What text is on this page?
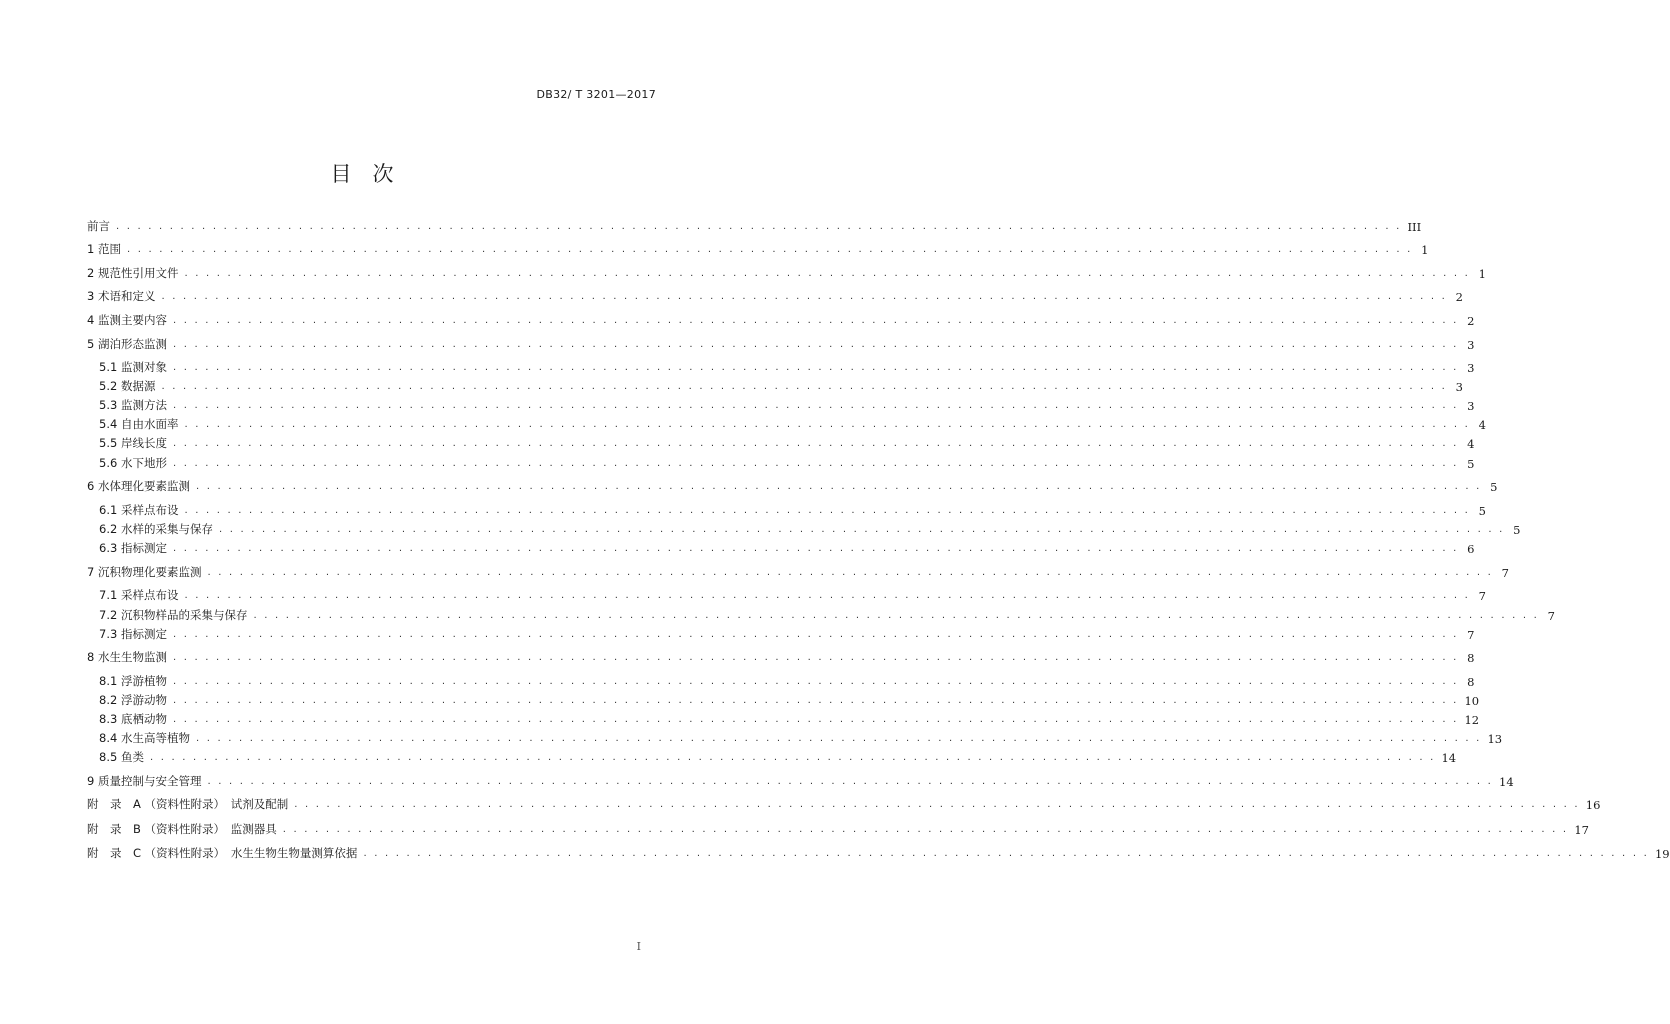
DB32/ T 3201—2017
目　次
前言 . . . . . . . . . . . . . . . . . . . . . . . . . . . . . . . . . . . . . . . . . . . . . . . . . . . . . . . . . . . . . . . . . . . . . . . . . . . . . . . . . . . . . . . . . . . . . . . . . . . . . . . . . . . . . . . . . . . . . . . . III
1 范围 . . . . . . . . . . . . . . . . . . . . . . . . . . . . . . . . . . . . . . . . . . . . . . . . . . . . . . . . . . . . . . . . . . . . . . . . . . . . . . . . . . . . . . . . . . . . . . . . . . . . . . . . . . . . . . . . . . . . . . . . 1
2 规范性引用文件 . . . . . . . . . . . . . . . . . . . . . . . . . . . . . . . . . . . . . . . . . . . . . . . . . . . . . . . . . . . . . . . . . . . . . . . . . . . . . . . . . . . . . . . . . . . . . . . . . . . . . . . . . . . . . . . . . . . . . . . . 1
3 术语和定义 . . . . . . . . . . . . . . . . . . . . . . . . . . . . . . . . . . . . . . . . . . . . . . . . . . . . . . . . . . . . . . . . . . . . . . . . . . . . . . . . . . . . . . . . . . . . . . . . . . . . . . . . . . . . . . . . . . . . . . . . 2
4 监测主要内容 . . . . . . . . . . . . . . . . . . . . . . . . . . . . . . . . . . . . . . . . . . . . . . . . . . . . . . . . . . . . . . . . . . . . . . . . . . . . . . . . . . . . . . . . . . . . . . . . . . . . . . . . . . . . . . . . . . . . . . . . 2
5 湖泊形态监测 . . . . . . . . . . . . . . . . . . . . . . . . . . . . . . . . . . . . . . . . . . . . . . . . . . . . . . . . . . . . . . . . . . . . . . . . . . . . . . . . . . . . . . . . . . . . . . . . . . . . . . . . . . . . . . . . . . . . . . . . 3
5.1 监测对象 . . . . . . . . . . . . . . . . . . . . . . . . . . . . . . . . . . . . . . . . . . . . . . . . . . . . . . . . . . . . . . . . . . . . . . . . . . . . . . . . . . . . . . . . . . . . . . . . . . . . . . . . . . . . . . . . . . . . . . . . 3
5.2 数据源 . . . . . . . . . . . . . . . . . . . . . . . . . . . . . . . . . . . . . . . . . . . . . . . . . . . . . . . . . . . . . . . . . . . . . . . . . . . . . . . . . . . . . . . . . . . . . . . . . . . . . . . . . . . . . . . . . . . . . . . . 3
5.3 监测方法 . . . . . . . . . . . . . . . . . . . . . . . . . . . . . . . . . . . . . . . . . . . . . . . . . . . . . . . . . . . . . . . . . . . . . . . . . . . . . . . . . . . . . . . . . . . . . . . . . . . . . . . . . . . . . . . . . . . . . . . . 3
5.4 自由水面率 . . . . . . . . . . . . . . . . . . . . . . . . . . . . . . . . . . . . . . . . . . . . . . . . . . . . . . . . . . . . . . . . . . . . . . . . . . . . . . . . . . . . . . . . . . . . . . . . . . . . . . . . . . . . . . . . . . . . . . . . 4
5.5 岸线长度 . . . . . . . . . . . . . . . . . . . . . . . . . . . . . . . . . . . . . . . . . . . . . . . . . . . . . . . . . . . . . . . . . . . . . . . . . . . . . . . . . . . . . . . . . . . . . . . . . . . . . . . . . . . . . . . . . . . . . . . . 4
5.6 水下地形 . . . . . . . . . . . . . . . . . . . . . . . . . . . . . . . . . . . . . . . . . . . . . . . . . . . . . . . . . . . . . . . . . . . . . . . . . . . . . . . . . . . . . . . . . . . . . . . . . . . . . . . . . . . . . . . . . . . . . . . . 5
6 水体理化要素监测 . . . . . . . . . . . . . . . . . . . . . . . . . . . . . . . . . . . . . . . . . . . . . . . . . . . . . . . . . . . . . . . . . . . . . . . . . . . . . . . . . . . . . . . . . . . . . . . . . . . . . . . . . . . . . . . . . . . . . . . . 5
6.1 采样点布设 . . . . . . . . . . . . . . . . . . . . . . . . . . . . . . . . . . . . . . . . . . . . . . . . . . . . . . . . . . . . . . . . . . . . . . . . . . . . . . . . . . . . . . . . . . . . . . . . . . . . . . . . . . . . . . . . . . . . . . . . 5
6.2 水样的采集与保存 . . . . . . . . . . . . . . . . . . . . . . . . . . . . . . . . . . . . . . . . . . . . . . . . . . . . . . . . . . . . . . . . . . . . . . . . . . . . . . . . . . . . . . . . . . . . . . . . . . . . . . . . . . . . . . . . . . . . . . . . 5
6.3 指标测定 . . . . . . . . . . . . . . . . . . . . . . . . . . . . . . . . . . . . . . . . . . . . . . . . . . . . . . . . . . . . . . . . . . . . . . . . . . . . . . . . . . . . . . . . . . . . . . . . . . . . . . . . . . . . . . . . . . . . . . . . 6
7 沉积物理化要素监测 . . . . . . . . . . . . . . . . . . . . . . . . . . . . . . . . . . . . . . . . . . . . . . . . . . . . . . . . . . . . . . . . . . . . . . . . . . . . . . . . . . . . . . . . . . . . . . . . . . . . . . . . . . . . . . . . . . . . . . . . 7
7.1 采样点布设 . . . . . . . . . . . . . . . . . . . . . . . . . . . . . . . . . . . . . . . . . . . . . . . . . . . . . . . . . . . . . . . . . . . . . . . . . . . . . . . . . . . . . . . . . . . . . . . . . . . . . . . . . . . . . . . . . . . . . . . . 7
7.2 沉积物样品的采集与保存 . . . . . . . . . . . . . . . . . . . . . . . . . . . . . . . . . . . . . . . . . . . . . . . . . . . . . . . . . . . . . . . . . . . . . . . . . . . . . . . . . . . . . . . . . . . . . . . . . . . . . . . . . . . . . . . . . . . . . . . . 7
7.3 指标测定 . . . . . . . . . . . . . . . . . . . . . . . . . . . . . . . . . . . . . . . . . . . . . . . . . . . . . . . . . . . . . . . . . . . . . . . . . . . . . . . . . . . . . . . . . . . . . . . . . . . . . . . . . . . . . . . . . . . . . . . . 7
8 水生生物监测 . . . . . . . . . . . . . . . . . . . . . . . . . . . . . . . . . . . . . . . . . . . . . . . . . . . . . . . . . . . . . . . . . . . . . . . . . . . . . . . . . . . . . . . . . . . . . . . . . . . . . . . . . . . . . . . . . . . . . . . . 8
8.1 浮游植物 . . . . . . . . . . . . . . . . . . . . . . . . . . . . . . . . . . . . . . . . . . . . . . . . . . . . . . . . . . . . . . . . . . . . . . . . . . . . . . . . . . . . . . . . . . . . . . . . . . . . . . . . . . . . . . . . . . . . . . . . 8
8.2 浮游动物 . . . . . . . . . . . . . . . . . . . . . . . . . . . . . . . . . . . . . . . . . . . . . . . . . . . . . . . . . . . . . . . . . . . . . . . . . . . . . . . . . . . . . . . . . . . . . . . . . . . . . . . . . . . . . . . . . . . . . . . . 10
8.3 底栖动物 . . . . . . . . . . . . . . . . . . . . . . . . . . . . . . . . . . . . . . . . . . . . . . . . . . . . . . . . . . . . . . . . . . . . . . . . . . . . . . . . . . . . . . . . . . . . . . . . . . . . . . . . . . . . . . . . . . . . . . . . 12
8.4 水生高等植物 . . . . . . . . . . . . . . . . . . . . . . . . . . . . . . . . . . . . . . . . . . . . . . . . . . . . . . . . . . . . . . . . . . . . . . . . . . . . . . . . . . . . . . . . . . . . . . . . . . . . . . . . . . . . . . . . . . . . . . . . 13
8.5 鱼类 . . . . . . . . . . . . . . . . . . . . . . . . . . . . . . . . . . . . . . . . . . . . . . . . . . . . . . . . . . . . . . . . . . . . . . . . . . . . . . . . . . . . . . . . . . . . . . . . . . . . . . . . . . . . . . . . . . . . . . . . 14
9 质量控制与安全管理 . . . . . . . . . . . . . . . . . . . . . . . . . . . . . . . . . . . . . . . . . . . . . . . . . . . . . . . . . . . . . . . . . . . . . . . . . . . . . . . . . . . . . . . . . . . . . . . . . . . . . . . . . . . . . . . . . . . . . . . . 14
附　录　A （资料性附录）　试剂及配制 . . . . . . . . . . . . . . . . . . . . . . . . . . . . . . . . . . . . . . . . . . . . . . . . . . . . . . . . . . . . . . . . . . . . . . . . . . . . . . . . . . . . . . . . . . . . . . . . . . . . . . . . . . . . . . . . . . . . . . . . 16
附　录　B （资料性附录）　监测器具 . . . . . . . . . . . . . . . . . . . . . . . . . . . . . . . . . . . . . . . . . . . . . . . . . . . . . . . . . . . . . . . . . . . . . . . . . . . . . . . . . . . . . . . . . . . . . . . . . . . . . . . . . . . . . . . . . . . . . . . . 17
附　录　C （资料性附录）　水生生物生物量测算依据 . . . . . . . . . . . . . . . . . . . . . . . . . . . . . . . . . . . . . . . . . . . . . . . . . . . . . . . . . . . . . . . . . . . . . . . . . . . . . . . . . . . . . . . . . . . . . . . . . . . . . . . . . . . . . . . . . . . . . . . . 19
I
